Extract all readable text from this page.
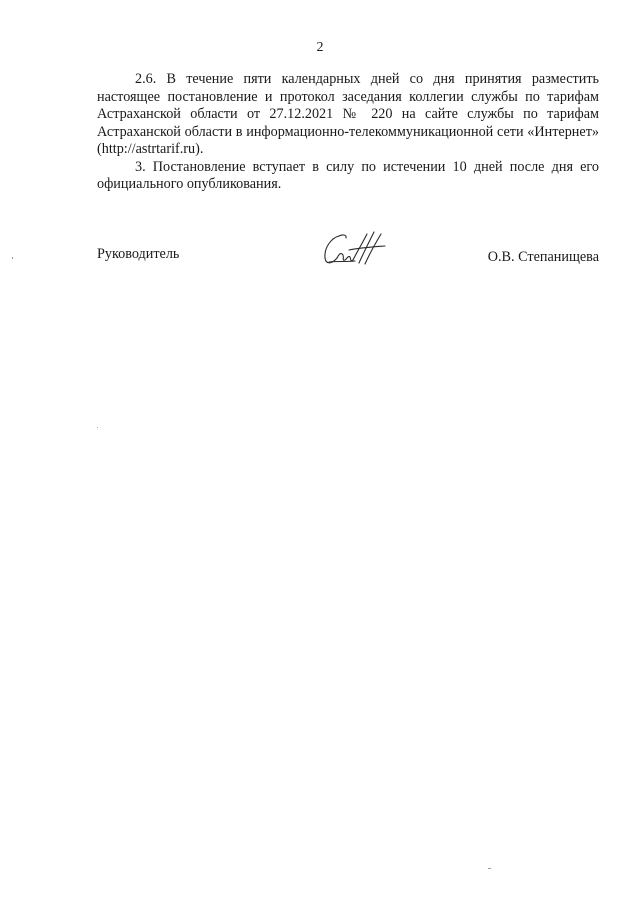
2

2.6. В течение пяти календарных дней со дня принятия разместить настоящее постановление и протокол заседания коллегии службы по тарифам Астраханской области от 27.12.2021 № 220 на сайте службы по тарифам Астраханской области в информационно-телекоммуникационной сети «Интернет» (http://astrtarif.ru).

3. Постановление вступает в силу по истечении 10 дней после дня его официального опубликования.

Руководитель	О.В. Степанищева
